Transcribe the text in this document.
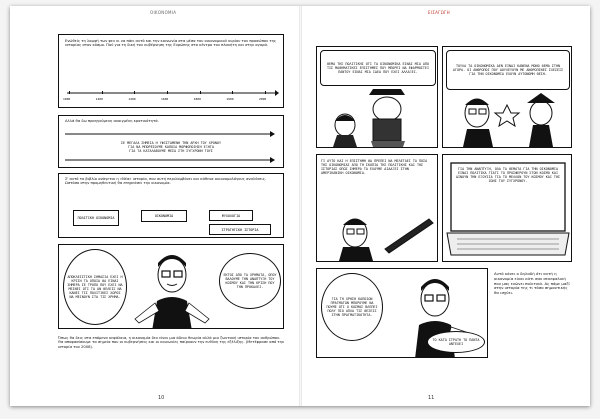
ΟΙΚΟΝΟΜΙΑ
Ενώθείς τη λαμψή των φευ κι να πάει αυτό και την κοινωνία στα μέσα του οικονομικού κυρίου του προσώπου της ιστορίας στον κόσμο. Πού για τη δική του κυβέρνηση της Ευρώπης στο κέντρο του πλανήτη και στην αγορά.
1000	1200	1400	1600	1800	1900	2000
Αλλά θα δω προηγούμενη ανοιγμένη κρατικότητά.
ΣΕ ΜΕΓΑΛΑ ΣΗΜΕΙΑ Η ΥΦΙΣΤΑΜΕΝΗ ΤΗΝ ΑΡΧΗ ΤΟΥ ΧΡΟΝΟΥ
ΓΙΑ ΝΑ ΜΠΟΡΕΣΟΥΜΕ ΚΑΠΟΙΑ ΜΟΡΦΟΠΟΙΗΣΗ ΕΞΗΓΑ
ΓΙΑ ΤΑ ΚΑΤΑΛΑΒΟΥΜΕ ΜΕΣΑ ΣΤΗ ΣΥΓΧΡΟΝΗ ΤΟΥΣ
Σ' αυτό το βιβλίο ανάγεται η «Νέα» ιστορία, που αυτή περιλαμβάνει και κάθενα οικονομολόγους αναλύσεις. Ωστόσο στην προμηθευτική θα επηρεάσει την οικονομία.
ΠΟΛΙΤΙΚΗ ΟΙΚΟΝΟΜΙΑ	ΟΙΚΟΝΟΜΙΑ	ΨΥΧΟΛΟΓΙΑ
ΣΤΡΑΤΗΓΙΚΗ ΙΣΤΟΡΙΑ
ΑΠΟΚΛΕΙΣΤΙΚΗ ΣΗΜΑΣΙΑ ΕΧΕΙ Η ΚΡΙΣΗ ΤΑ ΟΠΟΙΑ ΘΑ ΕΙΝΑΙ ΣΗΜΕΡΑ ΣΕ ΤΡΟΠΟ ΠΟΥ ΕΧΕΙ ΝΑ ΜΕΙΝΕΙ ΟΤΙ ΤΑ ΑΝ ΘΕΛΕΙΣ ΝΑ ΚΑΝΕΙ ΤΙΣ ΠΟΛΙΤΙΚΕΣ ΧΩΡΟΣ ΝΑ ΜΕΙΝΟΥΝ ΣΤΑ ΤΙΣ ΧΡΗΜΑ.
ΕΚΤΟΣ ΑΠΟ ΤΑ ΧΡΗΜΑΤΑ, ΟΠΟΥ ΒΑΛΟΥΜΕ ΤΗΝ ΑΝΑΠΤΥΞΗ ΤΟΥ ΚΟΣΜΟΥ ΚΑΙ ΤΗΝ ΚΡΙΣΗ ΠΟΥ ΤΗΝ ΠΡΟΚΑΛΕΙ.
Όπως θα δεις στα επόμενα κεφάλαια, η οικονομία δεν είναι μια άδεια θεωρία αλλά μια ζωντανή ιστορία του ανθρώπου. Θα αποφασίσουμε τα σημεία που οι κυβερνήσεις και οι κοινωνίες παίρνουν την ευθύνη της εξέλιξης. (Μετέφρασε από την ιστορία του 2008).
10
ΕΙΣΑΓΩΓΗ
ΘΕΜΑ ΤΗΣ ΠΟΛΙΤΙΚΗΣ ΟΤΙ ΤΑ ΟΙΚΟΝΟΜΙΚΑ ΕΙΝΑΙ ΜΙΑ ΑΠΟ ΤΙΣ ΜΑΘΗΜΑΤΙΚΕΣ ΕΠΙΣΤΗΜΕΣ ΠΟΥ ΜΠΟΡΕΙ ΝΑ ΕΦΑΡΜΟΣΤΕΙ ΠΑΝΤΟΥ ΕΙΝΑΙ ΜΙΑ ΙΔΕΑ ΠΟΥ ΕΧΕΙ ΑΛΛΑΞΕΙ.
ΤΟΥΛΑ ΤΑ ΟΙΚΟΝΟΜΙΚΑ ΔΕΝ ΕΙΝΑΙ ΚΑΝΕΝΑ ΜΟΝΟ ΘΕΜΑ ΣΤΗΝ ΑΓΟΡΑ. ΟΙ ΑΝΘΡΩΠΟΙ ΠΟΥ ΔΟΥΛΕΥΟΥΝ ΜΕ ΑΝΘΡΩΠΙΝΕΣ ΣΧΕΣΕΙΣ ΓΙΑ ΤΗΝ ΟΙΚΟΝΟΜΙΑ ΕΧΟΥΝ ΑΥΤΟΝΟΜΗ ΘΕΣΗ.
ΓΙ ΑΥΤΟ ΚΑΙ Η ΕΠΙΣΤΗΜΗ ΘΑ ΠΡΕΠΕΙ ΝΑ ΜΕΛΕΤΑΕΙ ΤΑ ΠΟΣΑ ΤΗΣ ΟΙΚΟΝΟΜΙΑΣ ΑΠΟ ΤΗ ΣΚΟΠΙΑ ΤΗΣ ΠΟΛΙΤΙΚΗΣ ΚΑΙ ΤΗΣ ΙΣΤΟΡΙΑΣ ΟΠΩΣ ΣΗΜΕΡΑ ΤΑ ΕΧΟΥΜΕ ΔΙΔΑΞΕΙ ΣΤΗΝ ΑΜΕΡΙΚΑΝΙΚΗ ΟΙΚΟΝΟΜΙΑ.
ΓΙΑ ΤΗΝ ΑΝΑΠΤΥΞΗ, ΟΛΑ ΤΑ ΘΕΜΑΤΑ ΓΙΑ ΤΗΝ ΟΙΚΟΝΟΜΙΑ ΕΙΝΑΙ ΠΟΛΙΤΙΚΑ ΓΙΑΤΙ ΤΟ ΠΡΟΣΦΕΡΟΥΝ ΣΤΟΝ ΚΟΣΜΟ ΚΑΙ ΔΙΝΟΥΝ ΤΗΝ ΕΞΟΥΣΙΑ ΓΙΑ ΤΟ ΜΕΛΛΟΝ ΤΟΥ ΚΟΣΜΟΥ ΚΑΙ ΤΗΣ ΖΩΗΣ ΤΟΥ ΣΥΓΧΡΟΝΟΥ.
ΓΙΑ ΤΗ ΧΡΗΣΗ ΚΑΠΟΙΩΝ ΠΡΑΓΜΑΤΩΝ ΜΠΟΡΟΥΜΕ ΝΑ ΠΟΥΜΕ ΟΤΙ Ο ΚΟΣΜΟΣ ΒΛΕΠΕΙ ΠΟΛΥ ΠΙΟ ΑΠΛΑ ΤΙΣ ΘΕΣΕΙΣ ΣΤΗΝ ΠΡΑΓΜΑΤΙΚΟΤΗΤΑ.
ΤΟ ΚΑΤΩ ΣΤΡΑΤΗ ΤΟ ΠΑΝΤΑ ΑΝΤΕΧΕΙ
Αυτό κάνει ο δηλαδή ότι αυτή η οικονομία είναι κάτι σαν σεκεφαλική που μας ενώνει πολιτικά. Ας πάμε μαζί στην ιστορία της τι τόσο σημαντικής θα ισχύει.
11
